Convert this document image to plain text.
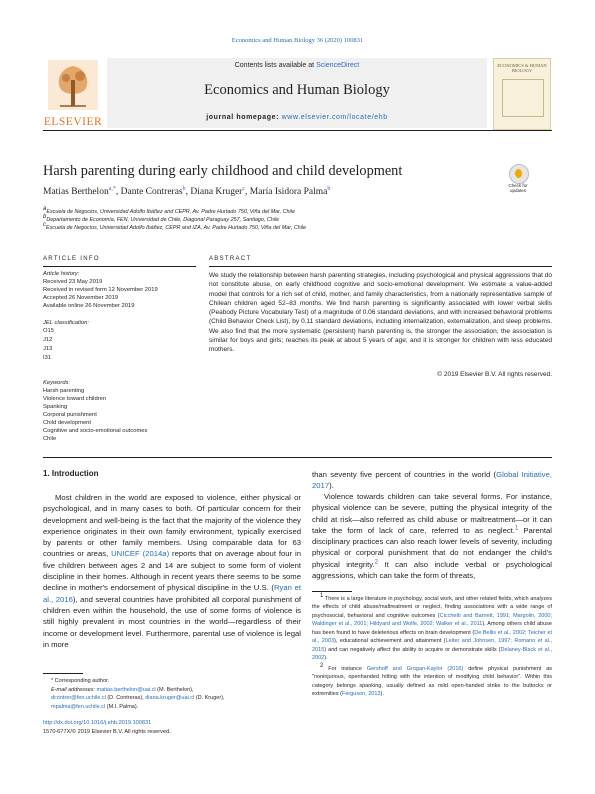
Economics and Human Biology 36 (2020) 100831
ELSEVIER
Contents lists available at ScienceDirect
Economics and Human Biology
journal homepage: www.elsevier.com/locate/ehb
ECONOMICS & HUMAN BIOLOGY
Harsh parenting during early childhood and child development
Check for updates
Matias Berthelon$^{a,*}$, Dante Contreras$^b$, Diana Kruger$^c$, María Isidora Palma$^b$
$^a$Escuela de Negocios, Universidad Adolfo Ibáñez and CEPR, Av. Padre Hurtado 750, Viña del Mar, Chile
$^b$Departamento de Economía, FEN, Universidad de Chile, Diagonal Paraguay 257, Santiago, Chile
$^c$Escuela de Negocios, Universidad Adolfo Ibáñez, CEPR and IZA, Av. Padre Hurtado 750, Viña del Mar, Chile
ARTICLE INFO
Article history:
Received 23 May 2019
Received in revised form 12 November 2019
Accepted 26 November 2019
Available online 26 November 2019
JEL classification:
O15
J12
J13
I31
Keywords:
Harsh parenting
Violence toward children
Spanking
Corporal punishment
Child development
Cognitive and socio-emotional outcomes
Chile
ABSTRACT
We study the relationship between harsh parenting strategies, including psychological and physical aggressions that do not constitute abuse, on early childhood cognitive and socio-emotional development. We estimate a value-added model that controls for a rich set of child, mother, and family characteristics, from a nationally representative sample of Chilean children aged 52–83 months. We find harsh parenting is significantly associated with lower verbal skills (Peabody Picture Vocabulary Test) of a magnitude of 0.06 standard deviations, and with increased behavioral problems (Child Behavior Check List), by 0.11 standard deviations, including internalization, externalization, and sleep problems. We also find that the more systematic (persistent) harsh parenting is, the stronger the association; the association is similar for boys and girls; reaches its peak at about 5 years of age; and it is stronger for children with less educated mothers.
© 2019 Elsevier B.V. All rights reserved.
1. Introduction
Most children in the world are exposed to violence, either physical or psychological, and in many cases to both. Of particular concern for their development and well-being is the fact that the majority of the violence they experience originates in their own family environment, typically exercised by parents or other family members. Using comparable data for 63 countries or areas, UNICEF (2014a) reports that on average about four in five children between ages 2 and 14 are subject to some form of violent discipline in their homes. Although in recent years there seems to be some decline in mother's endorsement of physical discipline in the U.S. (Ryan et al., 2016), and several countries have prohibited all corporal punishment of children even within the household, the use of some forms of violence is still highly prevalent in most countries in the world—regardless of their income or development level. Furthermore, parental use of violence is legal in more
than seventy five percent of countries in the world (Global Initiative, 2017).
Violence towards children can take several forms. For instance, physical violence can be severe, putting the physical integrity of the child at risk—also referred as child abuse or maltreatment—or it can take the form of lack of care, referred to as neglect.$^1$ Parental disciplinary practices can also reach lower levels of severity, including physical or corporal punishment that do not endanger the child's physical integrity.$^2$ It can also include verbal or psychological aggressions, which can take the form of threats,
$^1$ There is a large literature in psychology, social work, and other related fields, which analyzes the effects of child abuse/maltreatment or neglect, finding associations with a wide range of psychosocial, behavioral and cognitive outcomes (Cicchetti and Barnett, 1991; Margolin, 2000; Waldinger et al., 2001; Hildyard and Wolfe, 2002; Walker et al., 2011). Among others child abuse has been found to have deleterious effects on brain development (De Bellis et al., 2002; Teicher et al., 2003), educational achievement and attainment (Leiter and Johnsen, 1997; Romano et al., 2015) and can negatively affect the ability to acquire or demonstrate skills (Delaney-Black et al., 2002).
$^2$ For instance Gershoff and Grogan-Kaylor (2016) define physical punishment as "noninjurious, openhanded hitting with the intention of modifying child behavior". Within this category belongs spanking, usually defined as mild open-handed strike to the buttocks or extremities (Ferguson, 2013).
* Corresponding author.
E-mail addresses: matias.berthelon@uai.cl (M. Berthelon),
dcontrer@fen.uchile.cl (D. Contreras), diana.kruger@uai.cl (D. Kruger),
mpalma@fen.uchile.cl (M.I. Palma).
http://dx.doi.org/10.1016/j.ehb.2019.100831
1570-677X/© 2019 Elsevier B.V. All rights reserved.
